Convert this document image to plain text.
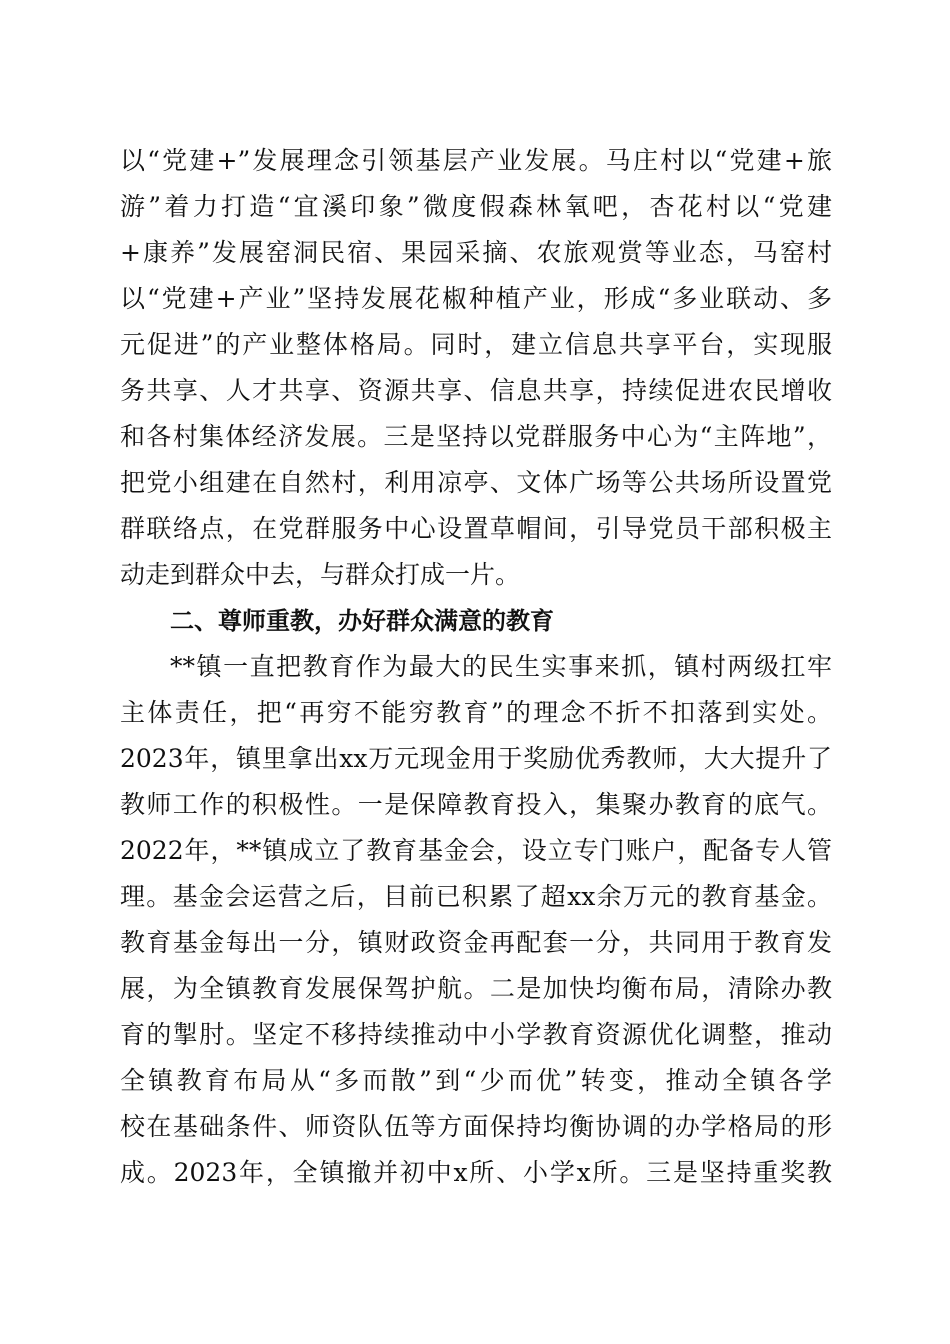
以“党建+”发展理念引领基层产业发展。马庄村以“党建+旅
游”着力打造“宜溪印象”微度假森林氧吧，杏花村以“党建
+康养”发展窑洞民宿、果园采摘、农旅观赏等业态，马窑村
以“党建+产业”坚持发展花椒种植产业，形成“多业联动、多
元促进”的产业整体格局。同时，建立信息共享平台，实现服
务共享、人才共享、资源共享、信息共享，持续促进农民增收
和各村集体经济发展。三是坚持以党群服务中心为“主阵地”，
把党小组建在自然村，利用凉亭、文体广场等公共场所设置党
群联络点，在党群服务中心设置草帽间，引导党员干部积极主
动走到群众中去，与群众打成一片。
二、尊师重教，办好群众满意的教育
**镇一直把教育作为最大的民生实事来抓，镇村两级扛牢
主体责任，把“再穷不能穷教育”的理念不折不扣落到实处。
2023年，镇里拿出xx万元现金用于奖励优秀教师，大大提升了
教师工作的积极性。一是保障教育投入，集聚办教育的底气。
2022年，**镇成立了教育基金会，设立专门账户，配备专人管
理。基金会运营之后，目前已积累了超xx余万元的教育基金。
教育基金每出一分，镇财政资金再配套一分，共同用于教育发
展，为全镇教育发展保驾护航。二是加快均衡布局，清除办教
育的掣肘。坚定不移持续推动中小学教育资源优化调整，推动
全镇教育布局从“多而散”到“少而优”转变，推动全镇各学
校在基础条件、师资队伍等方面保持均衡协调的办学格局的形
成。2023年，全镇撤并初中x所、小学x所。三是坚持重奖教
